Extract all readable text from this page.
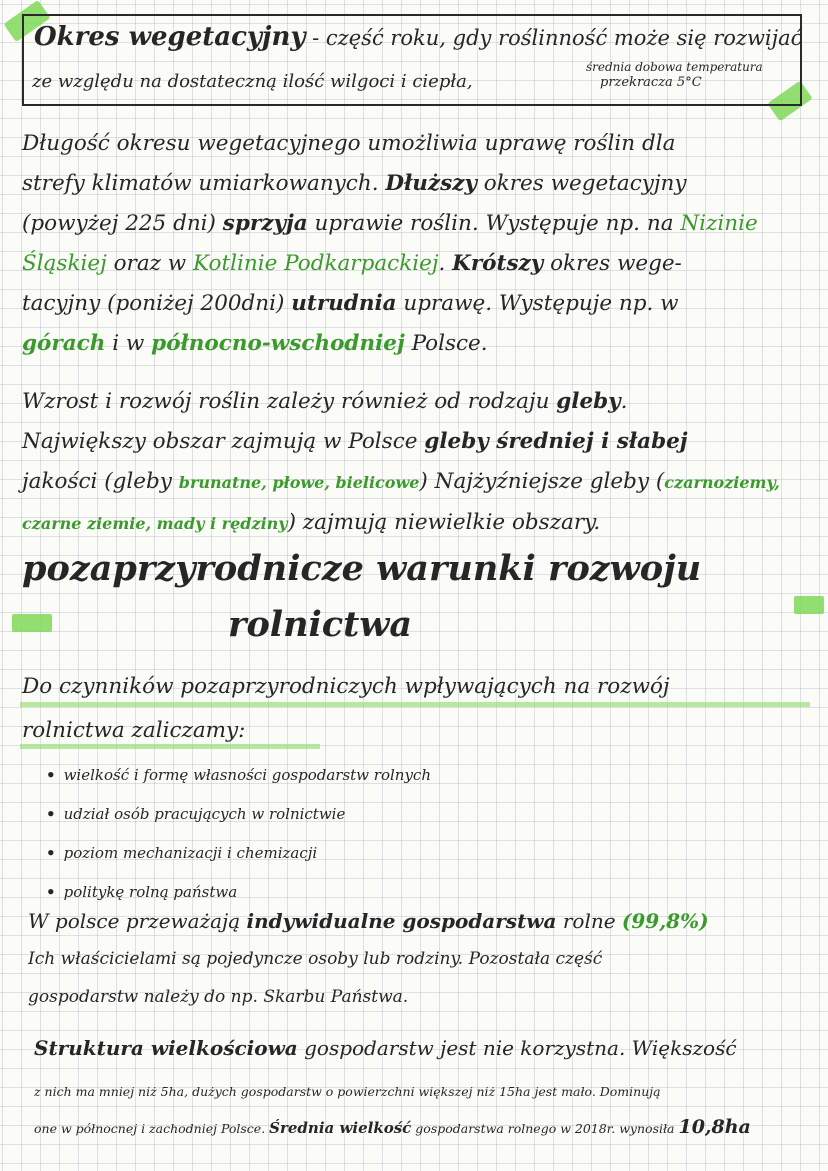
Okres wegetacyjny - część roku, gdy roślinność może się rozwijać
ze względu na dostateczną ilość wilgoci i ciepła,
średnia dobowa temperatura
przekracza 5°C
Długość okresu wegetacyjnego umożliwia uprawę roślin dla
strefy klimatów umiarkowanych. Dłuższy okres wegetacyjny
(powyżej 225 dni) sprzyja uprawie roślin. Występuje np. na Nizinie
Śląskiej oraz w Kotlinie Podkarpackiej. Krótszy okres wege-
tacyjny (poniżej 200dni) utrudnia uprawę. Występuje np. w
górach i w północno-wschodniej Polsce.
Wzrost i rozwój roślin zależy również od rodzaju gleby.
Największy obszar zajmują w Polsce gleby średniej i słabej
jakości (gleby brunatne, płowe, bielicowe) Najżyźniejsze gleby (czarnoziemy,
czarne ziemie, mady i rędziny) zajmują niewielkie obszary.
pozaprzyrodnicze warunki rozwoju
rolnictwa
Do czynników pozaprzyrodniczych wpływających na rozwój
rolnictwa zaliczamy:
• wielkość i formę własności gospodarstw rolnych
• udział osób pracujących w rolnictwie
• poziom mechanizacji i chemizacji
• politykę rolną państwa
W polsce przeważają indywidualne gospodarstwa rolne (99,8%)
Ich właścicielami są pojedyncze osoby lub rodziny. Pozostała część
gospodarstw należy do np. Skarbu Państwa.
Struktura wielkościowa gospodarstw jest nie korzystna. Większość
z nich ma mniej niż 5ha, dużych gospodarstw o powierzchni większej niż 15ha jest mało. Dominują
one w północnej i zachodniej Polsce. Średnia wielkość gospodarstwa rolnego w 2018r. wynosiła 10,8ha
